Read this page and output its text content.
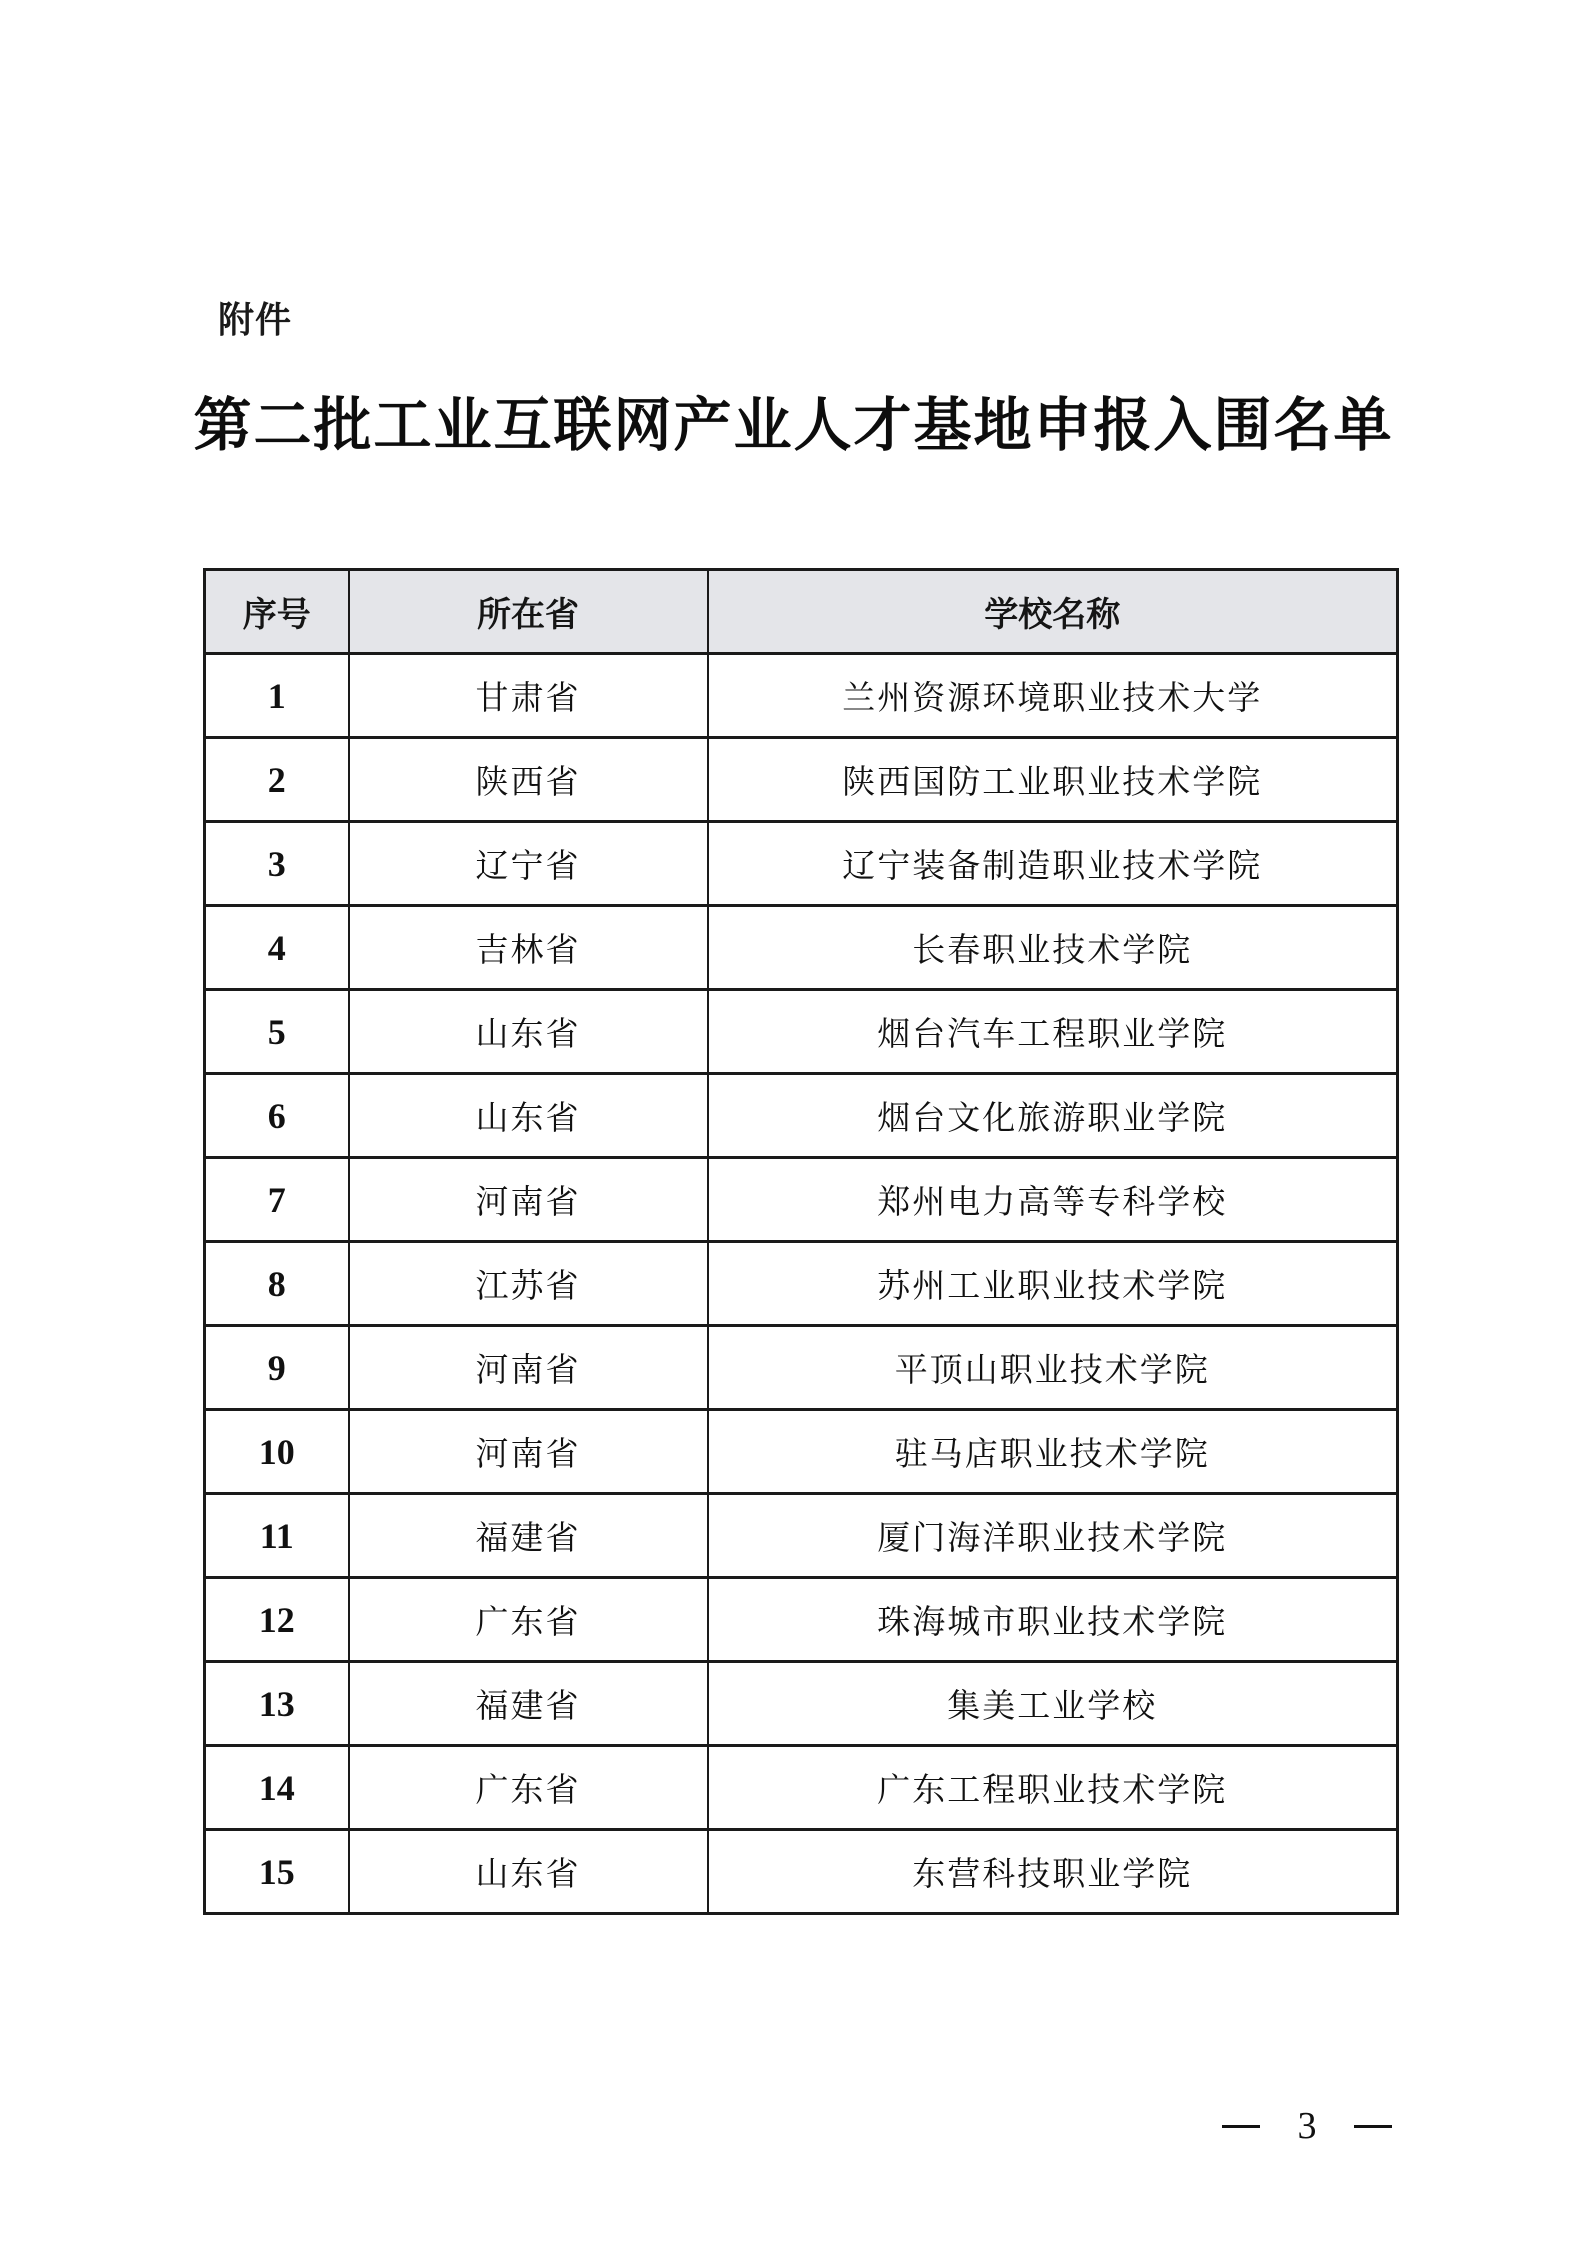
附件
第二批工业互联网产业人才基地申报入围名单
序号	所在省	学校名称
1	甘肃省	兰州资源环境职业技术大学
2	陕西省	陕西国防工业职业技术学院
3	辽宁省	辽宁装备制造职业技术学院
4	吉林省	长春职业技术学院
5	山东省	烟台汽车工程职业学院
6	山东省	烟台文化旅游职业学院
7	河南省	郑州电力高等专科学校
8	江苏省	苏州工业职业技术学院
9	河南省	平顶山职业技术学院
10	河南省	驻马店职业技术学院
11	福建省	厦门海洋职业技术学院
12	广东省	珠海城市职业技术学院
13	福建省	集美工业学校
14	广东省	广东工程职业技术学院
15	山东省	东营科技职业学院
3
